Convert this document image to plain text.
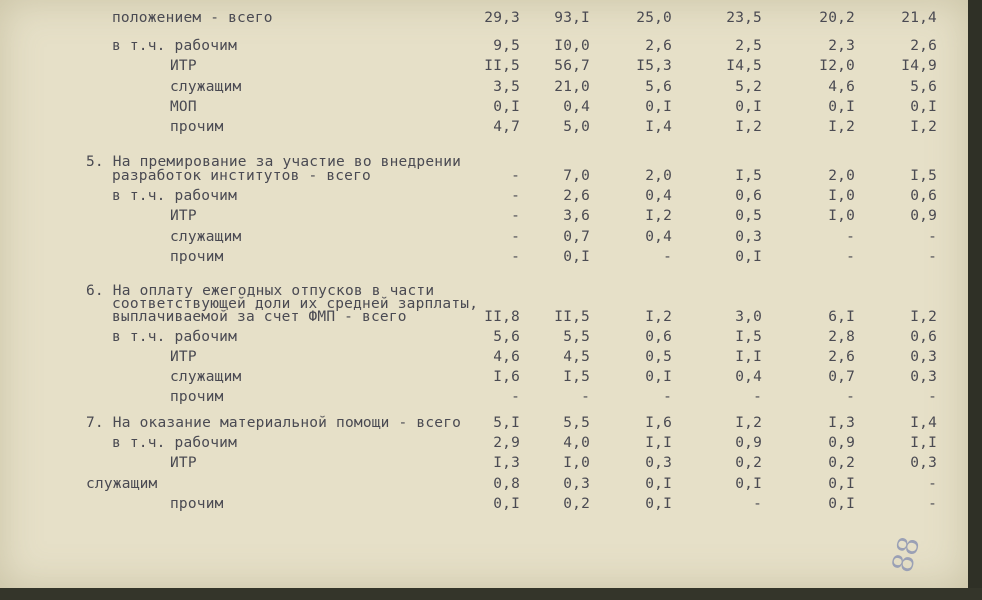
положением - всего	29,3	93,I	25,0	23,5	20,2	21,4
в т.ч. рабочим	9,5	I0,0	2,6	2,5	2,3	2,6
ИТР	II,5	56,7	I5,3	I4,5	I2,0	I4,9
служащим	3,5	21,0	5,6	5,2	4,6	5,6
МОП	0,I	0,4	0,I	0,I	0,I	0,I
прочим	4,7	5,0	I,4	I,2	I,2	I,2
5. На премирование за участие во внедрении
разработок институтов - всего	-	7,0	2,0	I,5	2,0	I,5
в т.ч. рабочим	-	2,6	0,4	0,6	I,0	0,6
ИТР	-	3,6	I,2	0,5	I,0	0,9
служащим	-	0,7	0,4	0,3	-	-
прочим	-	0,I	-	0,I	-	-
6. На оплату ежегодных отпусков в части
соответствующей доли их средней зарплаты,
выплачиваемой за счет ФМП - всего	II,8	II,5	I,2	3,0	6,I	I,2
в т.ч. рабочим	5,6	5,5	0,6	I,5	2,8	0,6
ИТР	4,6	4,5	0,5	I,I	2,6	0,3
служащим	I,6	I,5	0,I	0,4	0,7	0,3
прочим	-	-	-	-	-	-
7. На оказание материальной помощи - всего	5,I	5,5	I,6	I,2	I,3	I,4
в т.ч. рабочим	2,9	4,0	I,I	0,9	0,9	I,I
ИТР	I,3	I,0	0,3	0,2	0,2	0,3
служащим	0,8	0,3	0,I	0,I	0,I	-
прочим	0,I	0,2	0,I	-	0,I	-
88
